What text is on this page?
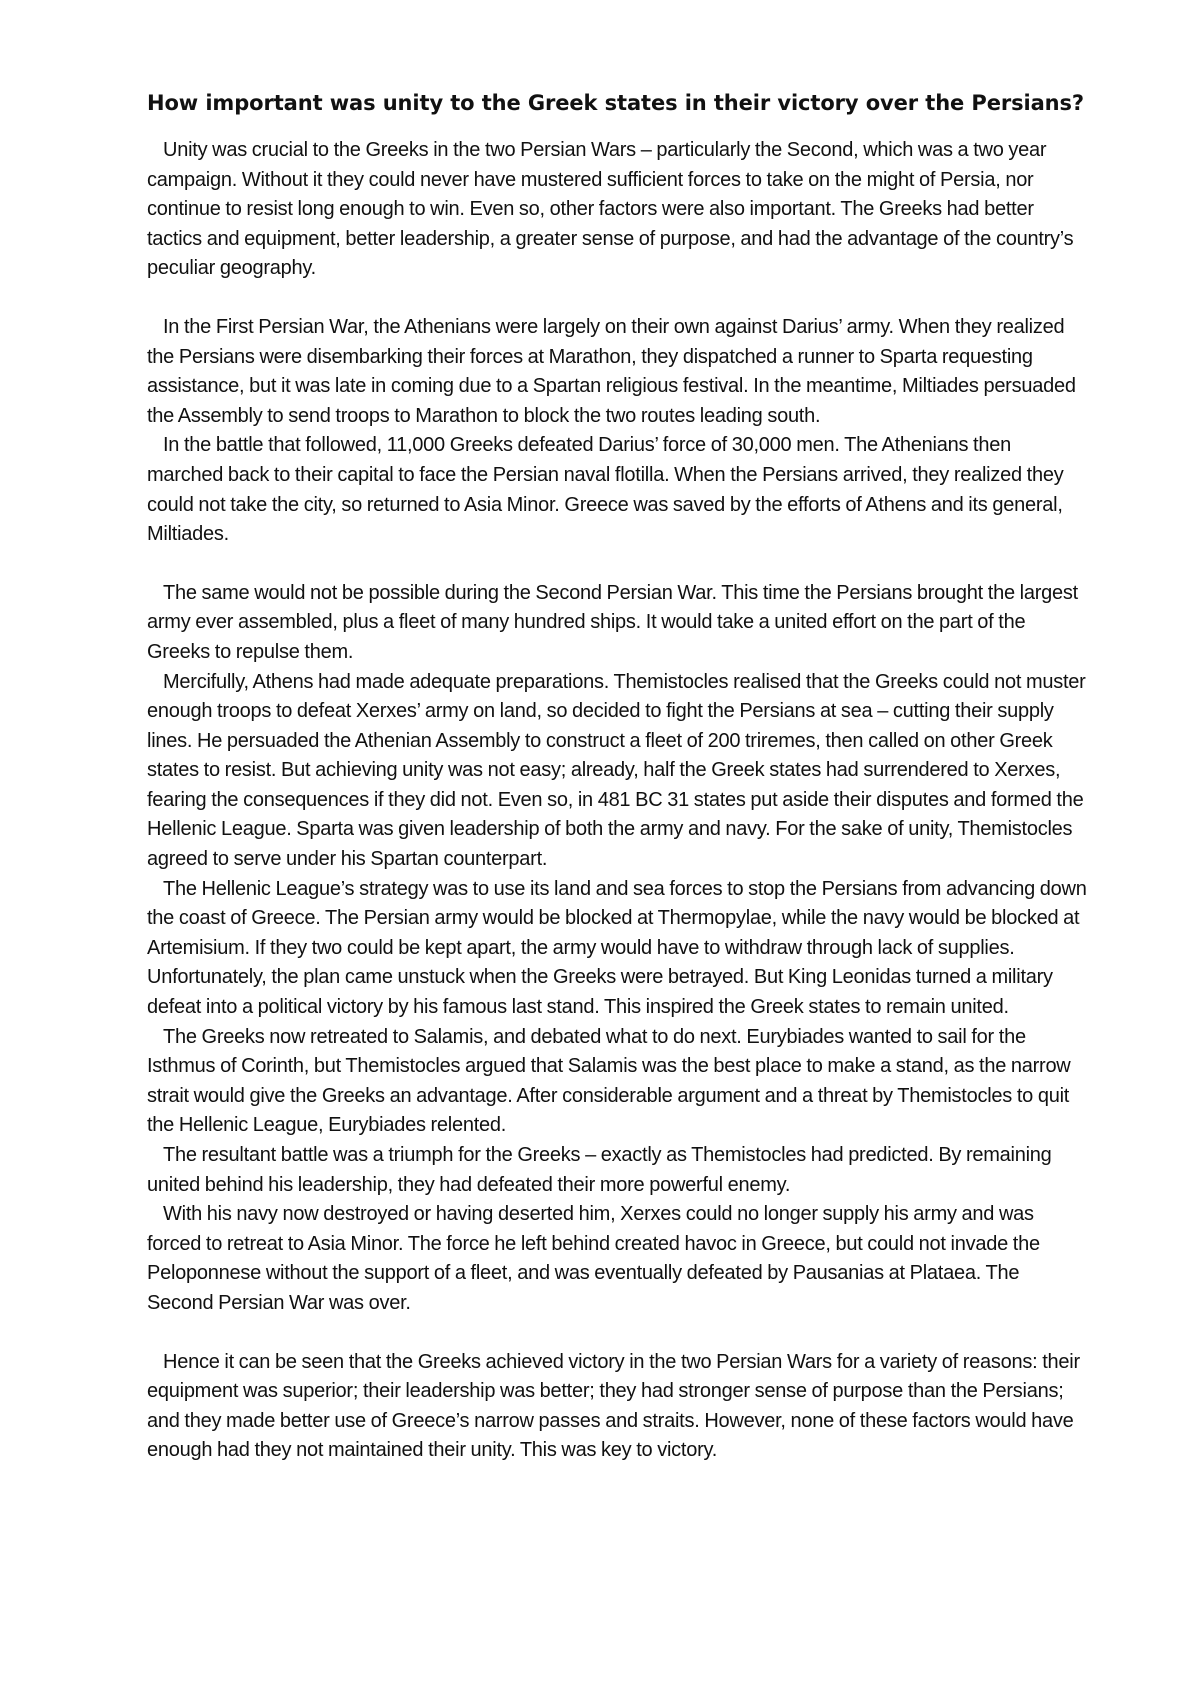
How important was unity to the Greek states in their victory over the Persians?

Unity was crucial to the Greeks in the two Persian Wars – particularly the Second, which was a two year campaign. Without it they could never have mustered sufficient forces to take on the might of Persia, nor continue to resist long enough to win. Even so, other factors were also important. The Greeks had better tactics and equipment, better leadership, a greater sense of purpose, and had the advantage of the country’s peculiar geography.

In the First Persian War, the Athenians were largely on their own against Darius’ army. When they realized the Persians were disembarking their forces at Marathon, they dispatched a runner to Sparta requesting assistance, but it was late in coming due to a Spartan religious festival. In the meantime, Miltiades persuaded the Assembly to send troops to Marathon to block the two routes leading south.

In the battle that followed, 11,000 Greeks defeated Darius’ force of 30,000 men. The Athenians then marched back to their capital to face the Persian naval flotilla. When the Persians arrived, they realized they could not take the city, so returned to Asia Minor. Greece was saved by the efforts of Athens and its general, Miltiades.

The same would not be possible during the Second Persian War. This time the Persians brought the largest army ever assembled, plus a fleet of many hundred ships. It would take a united effort on the part of the Greeks to repulse them.

Mercifully, Athens had made adequate preparations. Themistocles realised that the Greeks could not muster enough troops to defeat Xerxes’ army on land, so decided to fight the Persians at sea – cutting their supply lines. He persuaded the Athenian Assembly to construct a fleet of 200 triremes, then called on other Greek states to resist. But achieving unity was not easy; already, half the Greek states had surrendered to Xerxes, fearing the consequences if they did not. Even so, in 481 BC 31 states put aside their disputes and formed the Hellenic League. Sparta was given leadership of both the army and navy. For the sake of unity, Themistocles agreed to serve under his Spartan counterpart.

The Hellenic League’s strategy was to use its land and sea forces to stop the Persians from advancing down the coast of Greece. The Persian army would be blocked at Thermopylae, while the navy would be blocked at Artemisium. If they two could be kept apart, the army would have to withdraw through lack of supplies. Unfortunately, the plan came unstuck when the Greeks were betrayed. But King Leonidas turned a military defeat into a political victory by his famous last stand. This inspired the Greek states to remain united.

The Greeks now retreated to Salamis, and debated what to do next. Eurybiades wanted to sail for the Isthmus of Corinth, but Themistocles argued that Salamis was the best place to make a stand, as the narrow strait would give the Greeks an advantage. After considerable argument and a threat by Themistocles to quit the Hellenic League, Eurybiades relented.

The resultant battle was a triumph for the Greeks – exactly as Themistocles had predicted. By remaining united behind his leadership, they had defeated their more powerful enemy.

With his navy now destroyed or having deserted him, Xerxes could no longer supply his army and was forced to retreat to Asia Minor. The force he left behind created havoc in Greece, but could not invade the Peloponnese without the support of a fleet, and was eventually defeated by Pausanias at Plataea. The Second Persian War was over.

Hence it can be seen that the Greeks achieved victory in the two Persian Wars for a variety of reasons: their equipment was superior; their leadership was better; they had stronger sense of purpose than the Persians; and they made better use of Greece’s narrow passes and straits. However, none of these factors would have enough had they not maintained their unity. This was key to victory.
